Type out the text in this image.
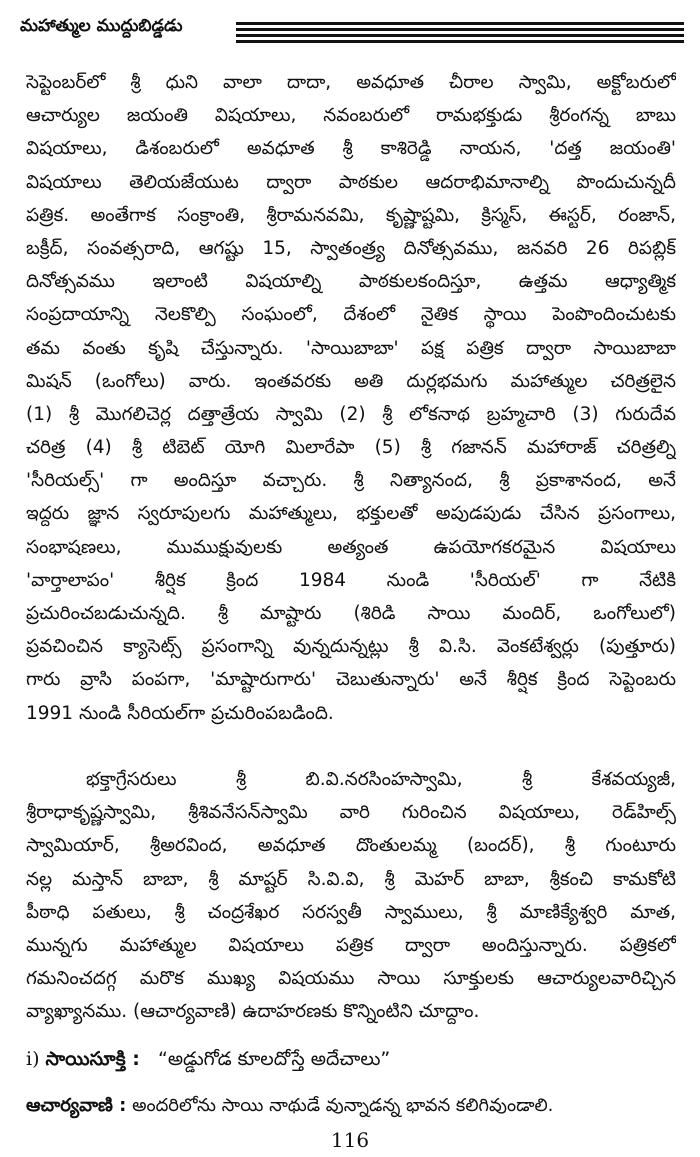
మహాత్ముల ముద్దుబిడ్డడు
సెప్టెంబర్‌లో శ్రీ ధుని వాలా దాదా, అవధూత చీరాల స్వామి, అక్టోబరులో
ఆచార్యుల జయంతి విషయాలు, నవంబరులో రామభక్తుడు శ్రీరంగన్న బాబు
విషయాలు, డిశంబరులో అవధూత శ్రీ కాశిరెడ్డి నాయన, 'దత్త జయంతి'
విషయాలు తెలియజేయుట ద్వారా పాఠకుల ఆదరాభిమానాల్ని పొందుచున్నదీ
పత్రిక. అంతేగాక సంక్రాంతి, శ్రీరామనవమి, కృష్ణాష్టమి, క్రిస్మస్, ఈస్టర్, రంజాన్,
బక్రీద్, సంవత్సరాది, ఆగష్టు 15, స్వాతంత్ర్య దినోత్సవము, జనవరి 26 రిపబ్లిక్
దినోత్సవము ఇలాంటి విషయాల్ని పాఠకులకందిస్తూ, ఉత్తమ ఆధ్యాత్మిక
సంప్రదాయాన్ని నెలకొల్పి సంఘంలో, దేశంలో నైతిక స్థాయి పెంపొందించుటకు
తమ వంతు కృషి చేస్తున్నారు. 'సాయిబాబా' పక్ష పత్రిక ద్వారా సాయిబాబా
మిషన్ (ఒంగోలు) వారు. ఇంతవరకు అతి దుర్లభమగు మహాత్ముల చరిత్రలైన
(1) శ్రీ మొగలిచెర్ల దత్తాత్రేయ స్వామి (2) శ్రీ లోకనాథ బ్రహ్మచారి (3) గురుదేవ
చరిత్ర (4) శ్రీ టిబెట్ యోగి మిలారేపా (5) శ్రీ గజానన్ మహారాజ్ చరిత్రల్ని
'సీరియల్స్' గా అందిస్తూ వచ్చారు. శ్రీ నిత్యానంద, శ్రీ ప్రకాశానంద, అనే
ఇద్దరు జ్ఞాన స్వరూపులగు మహాత్ములు, భక్తులతో అపుడపుడు చేసిన ప్రసంగాలు,
సంభాషణలు, ముముక్షువులకు అత్యంత ఉపయోగకరమైన విషయాలు
'వార్తాలాపం' శీర్షిక క్రింద 1984 నుండి 'సీరియల్' గా నేటికి
ప్రచురించబడుచున్నది. శ్రీ మాష్టారు (శిరిడి సాయి మందిర్, ఒంగోలులో)
ప్రవచించిన క్యాసెట్స్ ప్రసంగాన్ని వున్నదున్నట్లు శ్రీ వి.సి. వెంకటేశ్వర్లు (పుత్తూరు)
గారు వ్రాసి పంపగా, 'మాష్టారుగారు' చెబుతున్నారు' అనే శీర్షిక క్రింద సెప్టెంబరు
1991 నుండి సీరియల్‌గా ప్రచురింపబడింది.
భక్తాగ్రేసరులు శ్రీ బి.వి.నరసింహస్వామి, శ్రీ కేశవయ్యజీ,
శ్రీరాధాకృష్ణస్వామి, శ్రీశివనేసన్‌స్వామి వారి గురించిన విషయాలు, రెడ్‌హిల్స్
స్వామియార్, శ్రీఅరవింద, అవధూత దొంతులమ్మ (బందర్), శ్రీ గుంటూరు
నల్ల మస్తాన్ బాబా, శ్రీ మాష్టర్ సి.వి.వి, శ్రీ మెహర్ బాబా, శ్రీకంచి కామకోటి
పీఠాధి పతులు, శ్రీ చంద్రశేఖర సరస్వతీ స్వాములు, శ్రీ మాణిక్యేశ్వరి మాత,
మున్నగు మహాత్ముల విషయాలు పత్రిక ద్వారా అందిస్తున్నారు. పత్రికలో
గమనించదగ్గ మరొక ముఖ్య విషయము సాయి సూక్తులకు ఆచార్యులవారిచ్చిన
వ్యాఖ్యానము. (ఆచార్యవాణి) ఉదాహరణకు కొన్నింటిని చూద్దాం.
i) సాయిసూక్తి : “అడ్డుగోడ కూలదోస్తే అదేచాలు”
ఆచార్యవాణి : అందరిలోను సాయి నాథుడే వున్నాడన్న భావన కలిగివుండాలి.
116
